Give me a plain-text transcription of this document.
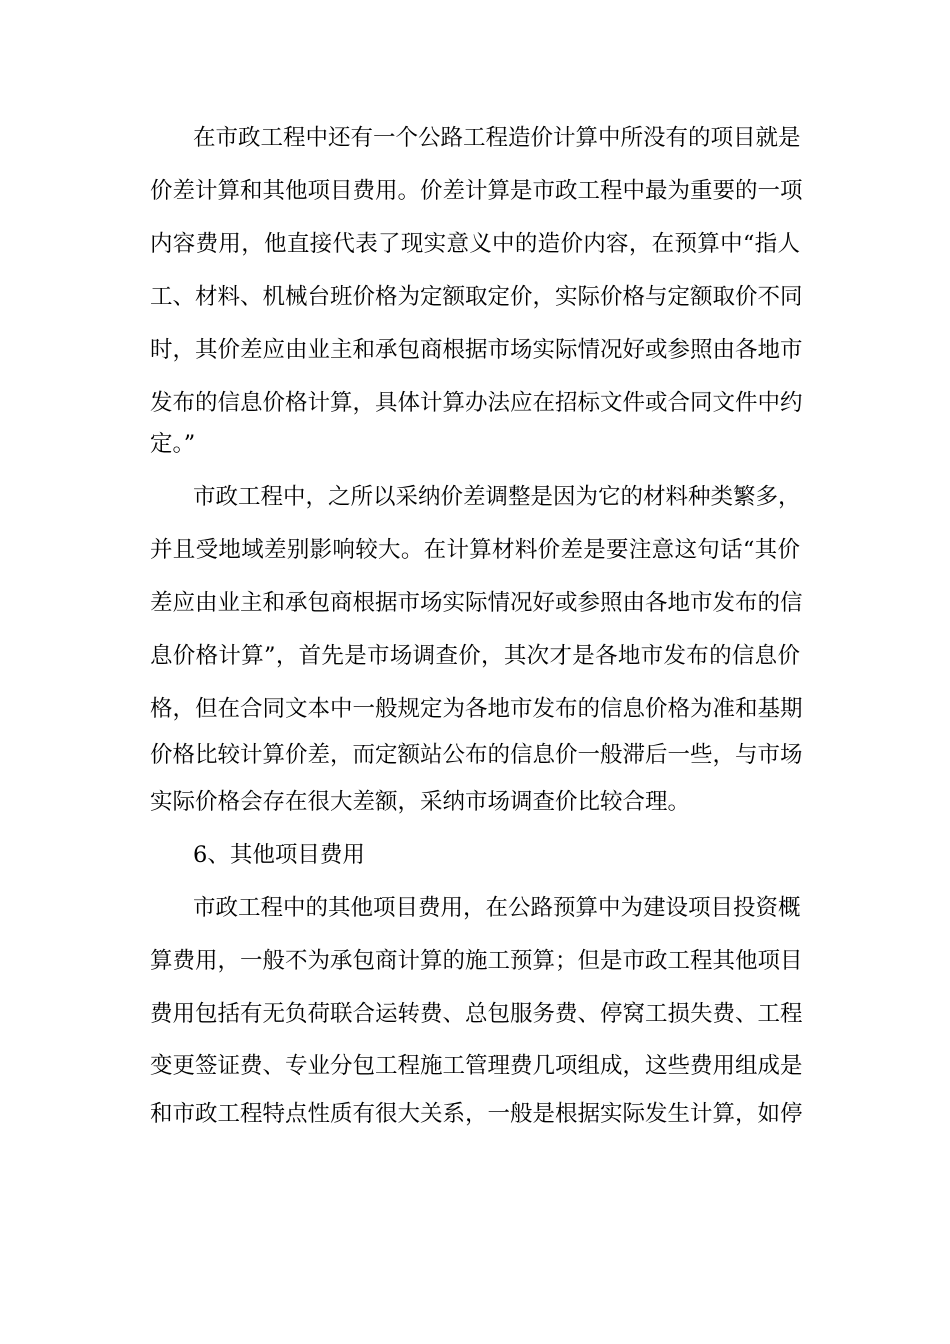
在市政工程中还有一个公路工程造价计算中所没有的项目就是
价差计算和其他项目费用。价差计算是市政工程中最为重要的一项
内容费用，他直接代表了现实意义中的造价内容，在预算中“指人
工、材料、机械台班价格为定额取定价，实际价格与定额取价不同
时，其价差应由业主和承包商根据市场实际情况好或参照由各地市
发布的信息价格计算，具体计算办法应在招标文件或合同文件中约
定。”
市政工程中，之所以采纳价差调整是因为它的材料种类繁多，
并且受地域差别影响较大。在计算材料价差是要注意这句话“其价
差应由业主和承包商根据市场实际情况好或参照由各地市发布的信
息价格计算”，首先是市场调查价，其次才是各地市发布的信息价
格，但在合同文本中一般规定为各地市发布的信息价格为准和基期
价格比较计算价差，而定额站公布的信息价一般滞后一些，与市场
实际价格会存在很大差额，采纳市场调查价比较合理。
6、其他项目费用
市政工程中的其他项目费用，在公路预算中为建设项目投资概
算费用，一般不为承包商计算的施工预算；但是市政工程其他项目
费用包括有无负荷联合运转费、总包服务费、停窝工损失费、工程
变更签证费、专业分包工程施工管理费几项组成，这些费用组成是
和市政工程特点性质有很大关系，一般是根据实际发生计算，如停
